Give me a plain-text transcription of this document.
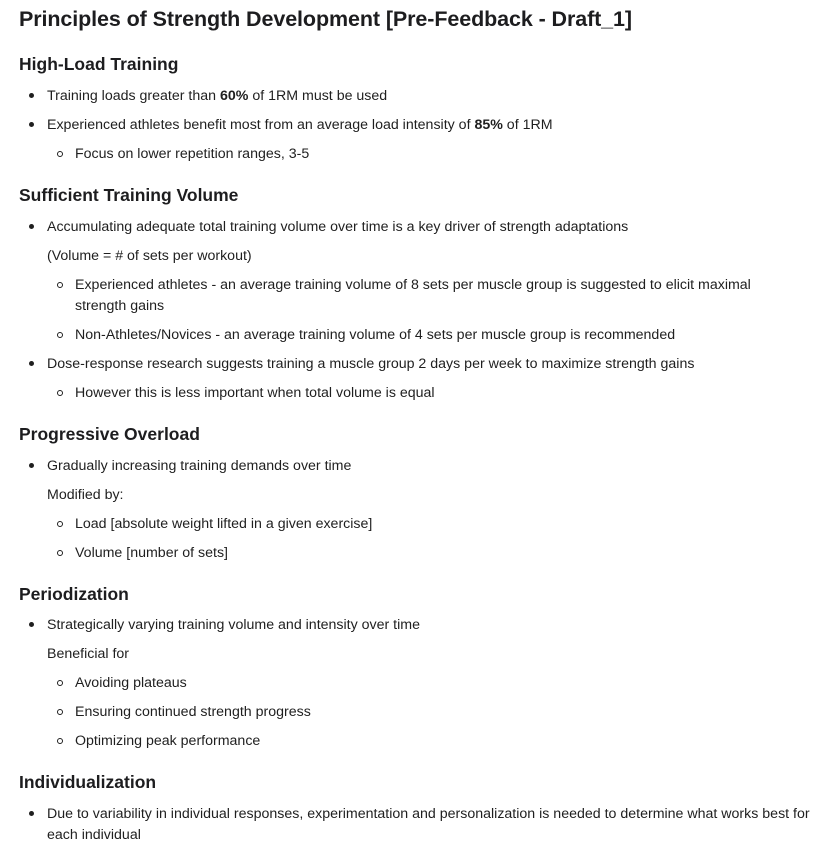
Principles of Strength Development [Pre-Feedback - Draft_1]
High-Load Training
Training loads greater than 60% of 1RM must be used
Experienced athletes benefit most from an average load intensity of 85% of 1RM
Focus on lower repetition ranges, 3-5
Sufficient Training Volume
Accumulating adequate total training volume over time is a key driver of strength adaptations
(Volume = # of sets per workout)
Experienced athletes - an average training volume of 8 sets per muscle group is suggested to elicit maximal strength gains
Non-Athletes/Novices - an average training volume of 4 sets per muscle group is recommended
Dose-response research suggests training a muscle group 2 days per week to maximize strength gains
However this is less important when total volume is equal
Progressive Overload
Gradually increasing training demands over time
Modified by:
Load [absolute weight lifted in a given exercise]
Volume [number of sets]
Periodization
Strategically varying training volume and intensity over time
Beneficial for
Avoiding plateaus
Ensuring continued strength progress
Optimizing peak performance
Individualization
Due to variability in individual responses, experimentation and personalization is needed to determine what works best for each individual
